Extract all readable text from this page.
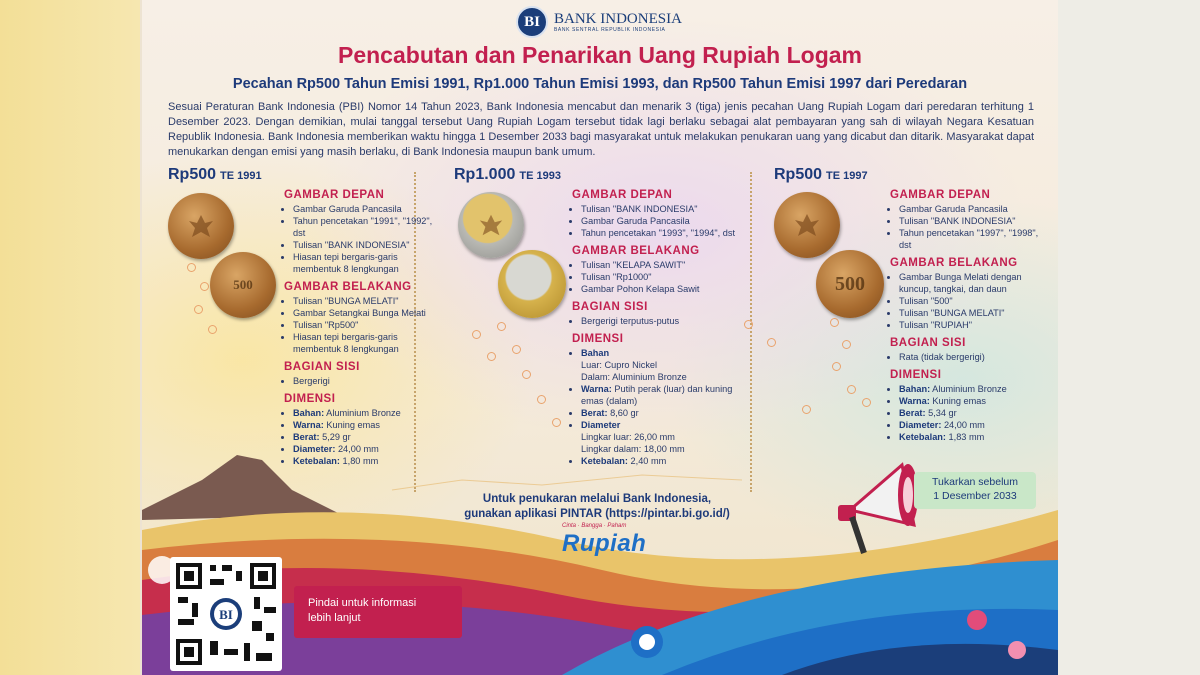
BI BANK INDONESIA
BANK SENTRAL REPUBLIK INDONESIA
Pencabutan dan Penarikan Uang Rupiah Logam
Pecahan Rp500 Tahun Emisi 1991, Rp1.000 Tahun Emisi 1993, dan Rp500 Tahun Emisi 1997 dari Peredaran
Sesuai Peraturan Bank Indonesia (PBI) Nomor 14 Tahun 2023, Bank Indonesia mencabut dan menarik 3 (tiga) jenis pecahan Uang Rupiah Logam dari peredaran terhitung 1 Desember 2023. Dengan demikian, mulai tanggal tersebut Uang Rupiah Logam tersebut tidak lagi berlaku sebagai alat pembayaran yang sah di wilayah Negara Kesatuan Republik Indonesia. Bank Indonesia memberikan waktu hingga 1 Desember 2033 bagi masyarakat untuk melakukan penukaran uang yang dicabut dan ditarik. Masyarakat dapat menukarkan dengan emisi yang masih berlaku, di Bank Indonesia maupun bank umum.
Rp500 TE 1991
500
GAMBAR DEPAN
• Gambar Garuda Pancasila
• Tahun pencetakan "1991", "1992", dst
• Tulisan "BANK INDONESIA"
• Hiasan tepi bergaris-garis membentuk 8 lengkungan
GAMBAR BELAKANG
• Tulisan "BUNGA MELATI"
• Gambar Setangkai Bunga Melati
• Tulisan "Rp500"
• Hiasan tepi bergaris-garis membentuk 8 lengkungan
BAGIAN SISI
• Bergerigi
DIMENSI
• Bahan: Aluminium Bronze
• Warna: Kuning emas
• Berat: 5,29 gr
• Diameter: 24,00 mm
• Ketebalan: 1,80 mm
Rp1.000 TE 1993
GAMBAR DEPAN
• Tulisan "BANK INDONESIA"
• Gambar Garuda Pancasila
• Tahun pencetakan "1993", "1994", dst
GAMBAR BELAKANG
• Tulisan "KELAPA SAWIT"
• Tulisan "Rp1000"
• Gambar Pohon Kelapa Sawit
BAGIAN SISI
• Bergerigi terputus-putus
DIMENSI
• Bahan
Luar: Cupro Nickel
Dalam: Aluminium Bronze
• Warna: Putih perak (luar) dan kuning emas (dalam)
• Berat: 8,60 gr
• Diameter
Lingkar luar: 26,00 mm
Lingkar dalam: 18,00 mm
• Ketebalan: 2,40 mm
Rp500 TE 1997
500
GAMBAR DEPAN
• Gambar Garuda Pancasila
• Tulisan "BANK INDONESIA"
• Tahun pencetakan "1997", "1998", dst
GAMBAR BELAKANG
• Gambar Bunga Melati dengan kuncup, tangkai, dan daun
• Tulisan "500"
• Tulisan "BUNGA MELATI"
• Tulisan "RUPIAH"
BAGIAN SISI
• Rata (tidak bergerigi)
DIMENSI
• Bahan: Aluminium Bronze
• Warna: Kuning emas
• Berat: 5,34 gr
• Diameter: 24,00 mm
• Ketebalan: 1,83 mm
Untuk penukaran melalui Bank Indonesia,
gunakan aplikasi PINTAR (https://pintar.bi.go.id/)
Cinta · Bangga · Paham
Rupiah
Tukarkan sebelum
1 Desember 2033
BI
Pindai untuk informasi
lebih lanjut
